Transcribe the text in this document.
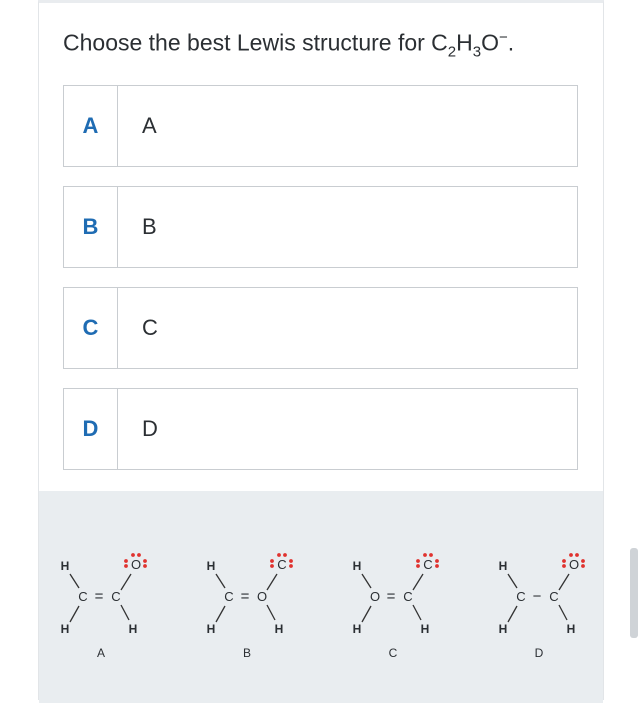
Choose the best Lewis structure for $C_2H_3O^-$.
A	A
B	B
C	C
D	D
H
H
C C
O
H
=
A
H
H
C O
C
H
=
B
H
H
O C
C
H
=
C
H
H
C C
O
H
−
D
